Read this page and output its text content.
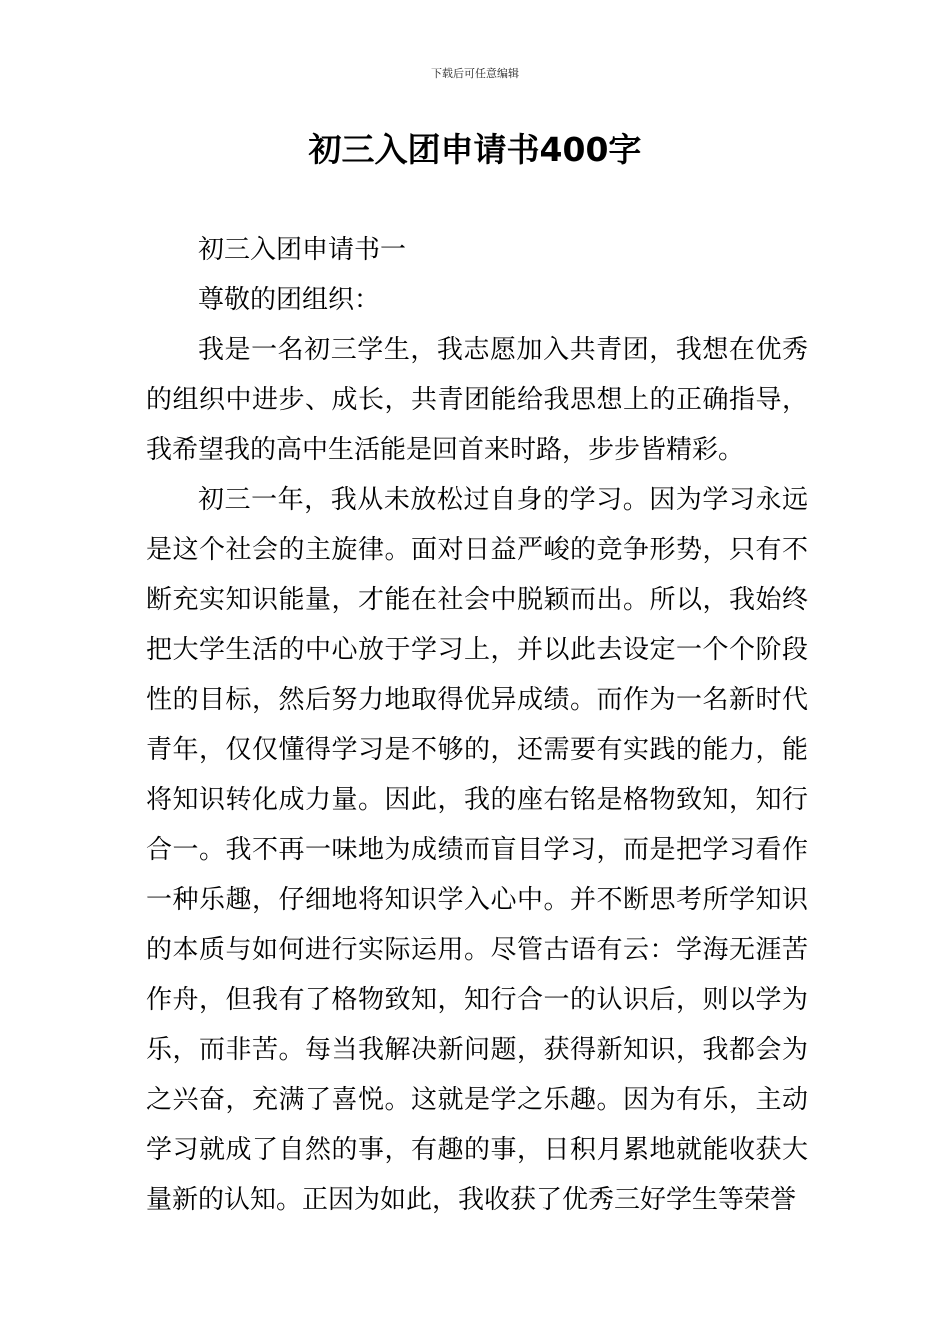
下载后可任意编辑
初三入团申请书400字

初三入团申请书一

尊敬的团组织：

我是一名初三学生，我志愿加入共青团，我想在优秀的组织中进步、成长，共青团能给我思想上的正确指导，我希望我的高中生活能是回首来时路，步步皆精彩。

初三一年，我从未放松过自身的学习。因为学习永远是这个社会的主旋律。面对日益严峻的竞争形势，只有不断充实知识能量，才能在社会中脱颖而出。所以，我始终把大学生活的中心放于学习上，并以此去设定一个个阶段性的目标，然后努力地取得优异成绩。而作为一名新时代青年，仅仅懂得学习是不够的，还需要有实践的能力，能将知识转化成力量。因此，我的座右铭是格物致知，知行合一。我不再一味地为成绩而盲目学习，而是把学习看作一种乐趣，仔细地将知识学入心中。并不断思考所学知识的本质与如何进行实际运用。尽管古语有云：学海无涯苦作舟，但我有了格物致知，知行合一的认识后，则以学为乐，而非苦。每当我解决新问题，获得新知识，我都会为之兴奋，充满了喜悦。这就是学之乐趣。因为有乐，主动学习就成了自然的事，有趣的事，日积月累地就能收获大量新的认知。正因为如此，我收获了优秀三好学生等荣誉
